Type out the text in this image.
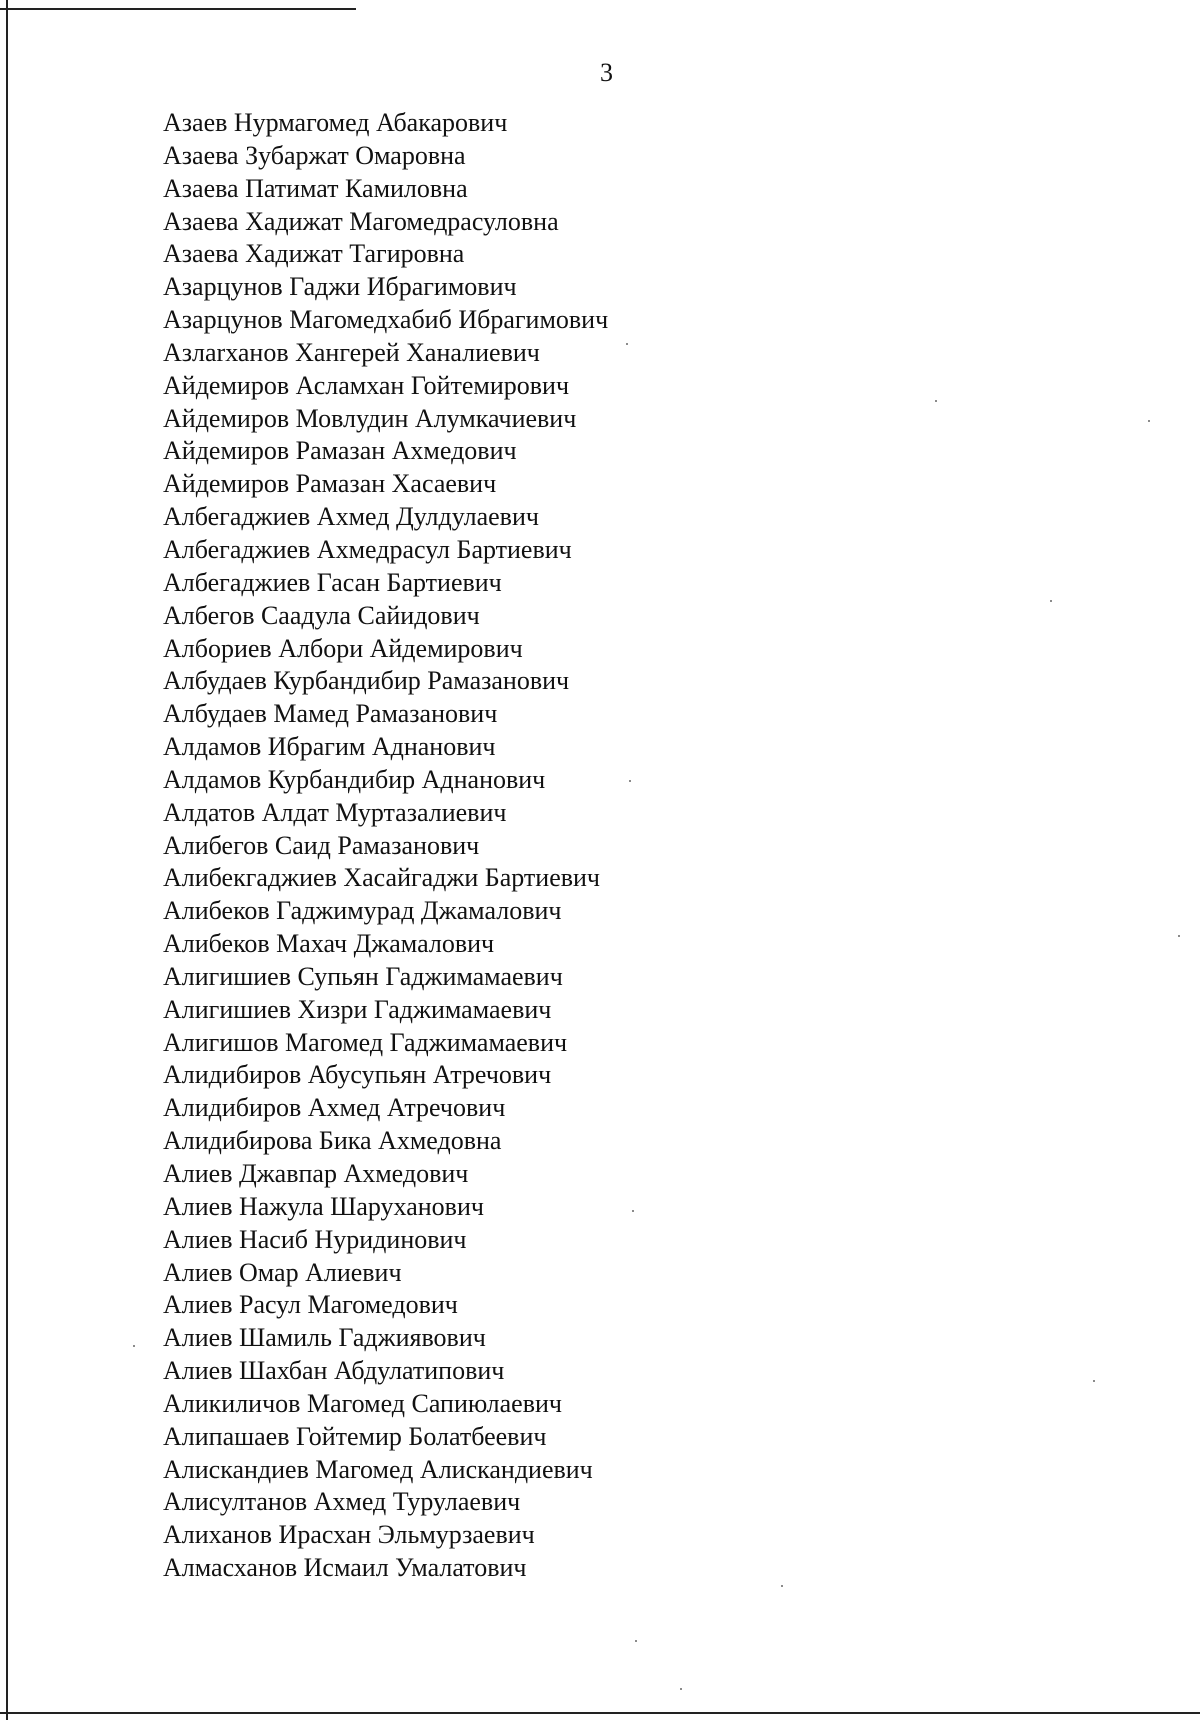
3
Азаев Нурмагомед Абакарович
Азаева Зубаржат Омаровна
Азаева Патимат Камиловна
Азаева Хадижат Магомедрасуловна
Азаева Хадижат Тагировна
Азарцунов Гаджи Ибрагимович
Азарцунов Магомедхабиб Ибрагимович
Азлarханов Хангерей Ханалиевич
Айдемиров Асламхан Гойтемирович
Айдемиров Мовлудин Алумкачиевич
Айдемиров Рамазан Ахмедович
Айдемиров Рамазан Хасаевич
Албегаджиев Ахмед Дулдулаевич
Албегаджиев Ахмедрасул Бартиевич
Албегаджиев Гасан Бартиевич
Албегов Саадула Сайидович
Албориев Албори Айдемирович
Албудаев Курбандибир Рамазанович
Албудаев Мамед Рамазанович
Алдамов Ибрагим Аднанович
Алдамов Курбандибир Аднанович
Алдатов Алдат Муртазалиевич
Алибегов Саид Рамазанович
Алибекгаджиев Хасайгаджи Бартиевич
Алибеков Гаджимурад Джамалович
Алибеков Махач Джамалович
Алигишиев Супьян Гаджимамаевич
Алигишиев Хизри Гаджимамаевич
Алигишов Магомед Гаджимамаевич
Алидибиров Абусупьян Атречович
Алидибиров Ахмед Атречович
Алидибирова Бика Ахмедовна
Алиев Джавпар Ахмедович
Алиев Нажула Шаруханович
Алиев Насиб Нуридинович
Алиев Омар Алиевич
Алиев Расул Магомедович
Алиев Шамиль Гаджиявович
Алиев Шахбан Абдулатипович
Аликиличов Магомед Сапиюлаевич
Алипашаев Гойтемир Болатбеевич
Алискандиев Магомед Алискандиевич
Алисултанов Ахмед Турулаевич
Алиханов Ирасхан Эльмурзаевич
Алмасханов Исмаил Умалатович
